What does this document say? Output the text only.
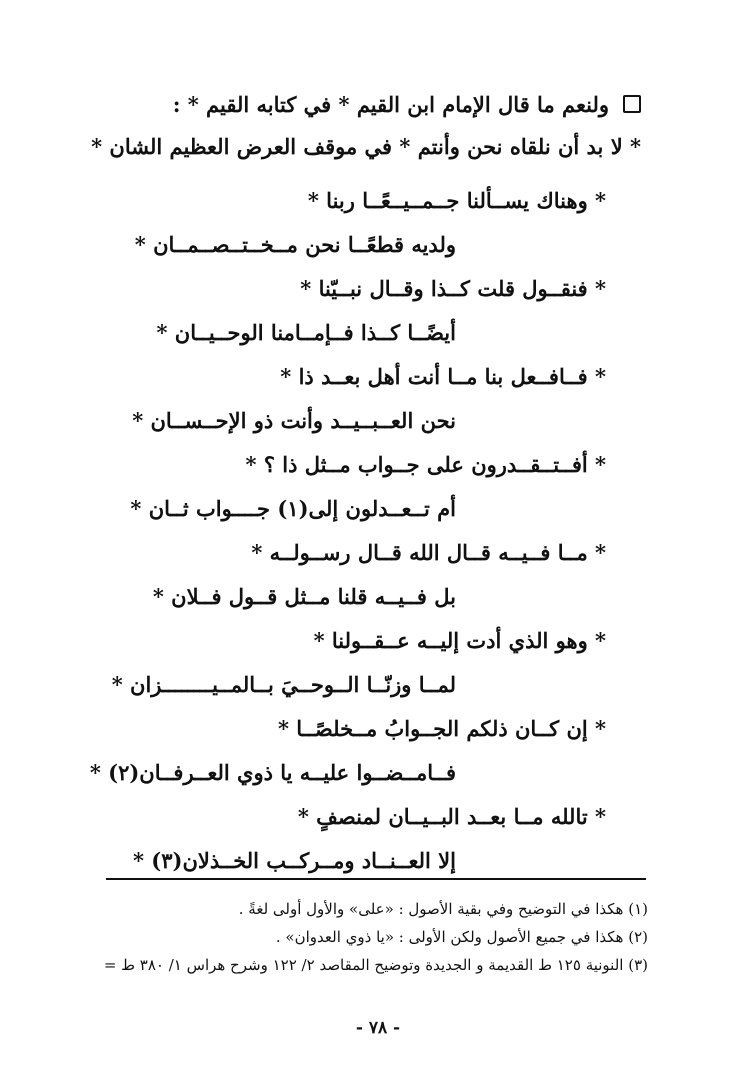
ولنعم ما قال الإمام ابن القيم * في كتابه القيم * :
* لا بد أن نلقاه نحن وأنتم * في موقف العرض العظيم الشان *
* وهناك يســألنا جــمــيــعًــا ربنا *
ولديه قطعًــا نحن مــخــتــصــمــان *
* فنقــول قلت كــذا وقــال نبــيّنا *
أيضًــا كــذا فــإمــامنا الوحــيــان *
* فــافــعل بنا مــا أنت أهل بعــد ذا *
نحن العــبــيــد وأنت ذو الإحــســان *
* أفــتــقــدرون على جــواب مــثل ذا ؟ *
أم تــعــدلون إلى(١) جــــواب ثــان *
* مــا فــيــه قــال الله قــال رســولــه *
بل فــيــه قلنا مــثل قــول فــلان *
* وهو الذي أدت إليــه عــقــولنا *
لمــا وزنّــا الــوحــيَ بــالمــيــــــــزان *
* إن كــان ذلكم الجــوابُ مــخلصًــا *
فــامــضــوا عليــه يا ذوي العــرفــان(٢) *
* تالله مــا بعــد البــيــان لمنصفٍ *
إلا العــنــاد ومــركــب الخــذلان(٣) *
(١) هكذا في التوضيح وفي بقية الأصول : «على» والأول أولى لغةً .
(٢) هكذا في جميع الأصول ولكن الأولى : «يا ذوي العدوان» .
(٣) النونية ١٢٥ ط القديمة و الجديدة وتوضيح المقاصد ٢/ ١٢٢ وشرح هراس ١/ ٣٨٠ ط =
- ٧٨ -
